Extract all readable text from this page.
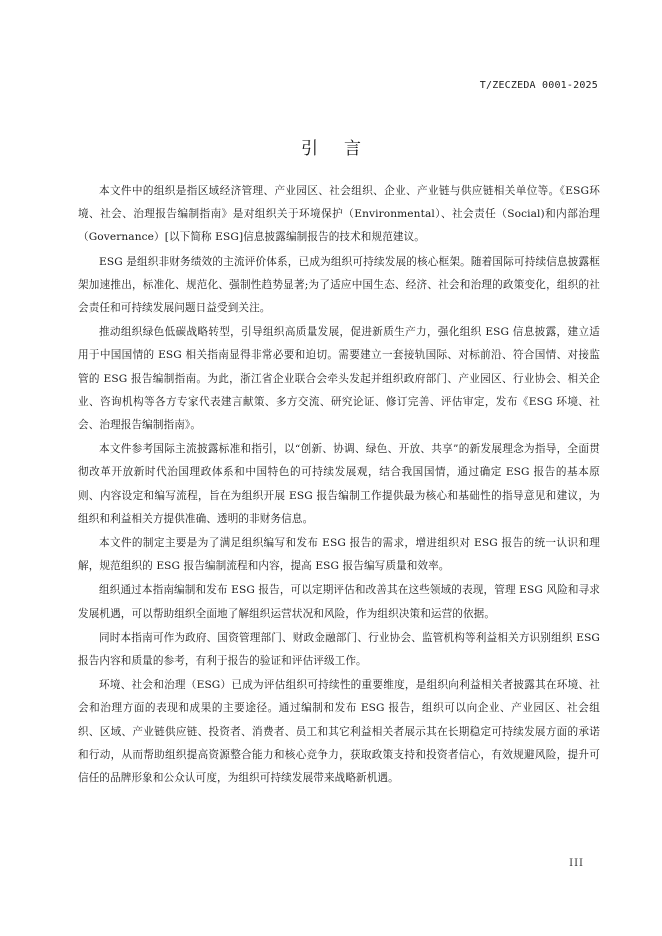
T/ZECZEDA 0001-2025
引言

本文件中的组织是指区域经济管理、产业园区、社会组织、企业、产业链与供应链相关单位等。《ESG环境、社会、治理报告编制指南》是对组织关于环境保护（Environmental）、社会责任（Social)和内部治理（Governance）[以下简称 ESG]信息披露编制报告的技术和规范建议。

ESG 是组织非财务绩效的主流评价体系，已成为组织可持续发展的核心框架。随着国际可持续信息披露框架加速推出，标准化、规范化、强制性趋势显著;为了适应中国生态、经济、社会和治理的政策变化，组织的社会责任和可持续发展问题日益受到关注。

推动组织绿色低碳战略转型，引导组织高质量发展，促进新质生产力，强化组织 ESG 信息披露，建立适用于中国国情的 ESG 相关指南显得非常必要和迫切。需要建立一套接轨国际、对标前沿、符合国情、对接监管的 ESG 报告编制指南。为此，浙江省企业联合会牵头发起并组织政府部门、产业园区、行业协会、相关企业、咨询机构等各方专家代表建言献策、多方交流、研究论证、修订完善、评估审定，发布《ESG 环境、社会、治理报告编制指南》。

本文件参考国际主流披露标准和指引，以“创新、协调、绿色、开放、共享”的新发展理念为指导，全面贯彻改革开放新时代治国理政体系和中国特色的可持续发展观，结合我国国情，通过确定 ESG 报告的基本原则、内容设定和编写流程，旨在为组织开展 ESG 报告编制工作提供最为核心和基础性的指导意见和建议，为组织和利益相关方提供准确、透明的非财务信息。

本文件的制定主要是为了满足组织编写和发布 ESG 报告的需求，增进组织对 ESG 报告的统一认识和理解，规范组织的 ESG 报告编制流程和内容，提高 ESG 报告编写质量和效率。

组织通过本指南编制和发布 ESG 报告，可以定期评估和改善其在这些领域的表现，管理 ESG 风险和寻求发展机遇，可以帮助组织全面地了解组织运营状况和风险，作为组织决策和运营的依据。

同时本指南可作为政府、国资管理部门、财政金融部门、行业协会、监管机构等利益相关方识别组织 ESG 报告内容和质量的参考，有利于报告的验证和评估评级工作。

环境、社会和治理（ESG）已成为评估组织可持续性的重要维度，是组织向利益相关者披露其在环境、社会和治理方面的表现和成果的主要途径。通过编制和发布 ESG 报告，组织可以向企业、产业园区、社会组织、区域、产业链供应链、投资者、消费者、员工和其它利益相关者展示其在长期稳定可持续发展方面的承诺和行动，从而帮助组织提高资源整合能力和核心竞争力，获取政策支持和投资者信心，有效规避风险，提升可信任的品牌形象和公众认可度，为组织可持续发展带来战略新机遇。

III
